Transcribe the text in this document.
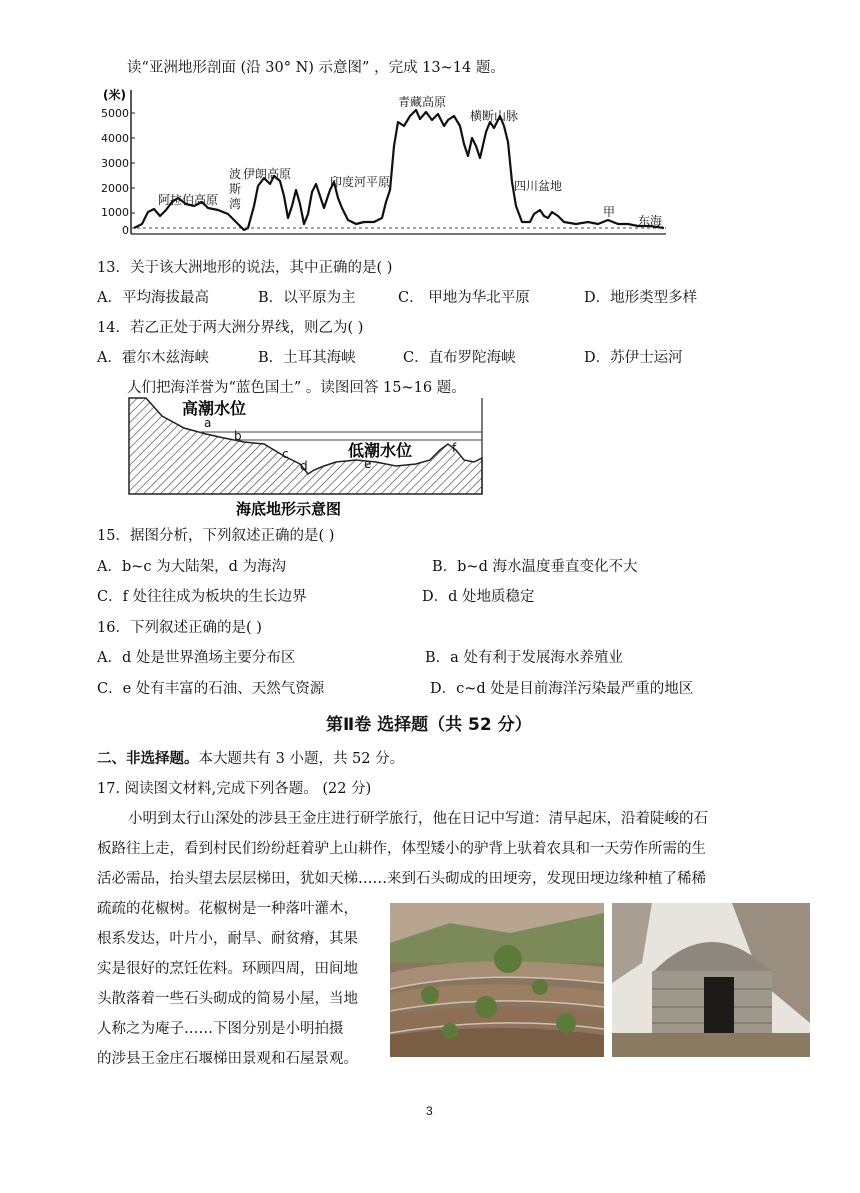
读“亚洲地形剖面 (沿 30° N) 示意图” ，完成 13~14 题。
(米)
5000
4000
3000
2000
1000
0
阿拉伯高原
波
斯
湾
伊朗高原
印度河平原
青藏高原
横断山脉
四川盆地
甲
东海
13．关于该大洲地形的说法，其中正确的是( )
A．平均海拔最高	B．以平原为主	C． 甲地为华北平原	D．地形类型多样
14．若乙正处于两大洲分界线，则乙为( )
A．霍尔木兹海峡	B．土耳其海峡	C．直布罗陀海峡	D．苏伊士运河
人们把海洋誉为“蓝色国土” 。读图回答 15~16 题。
高潮水位
低潮水位
a
b
c
d	e
f
海底地形示意图
15．据图分析，下列叙述正确的是( )
A．b~c 为大陆架，d 为海沟	B．b~d 海水温度垂直变化不大
C．f 处往往成为板块的生长边界	D．d 处地质稳定
16．下列叙述正确的是( )
A．d 处是世界渔场主要分布区	B．a 处有利于发展海水养殖业
C．e 处有丰富的石油、天然气资源	D．c~d 处是目前海洋污染最严重的地区
第Ⅱ卷 选择题（共 52 分）
二、非选择题。本大题共有 3 小题，共 52 分。
17. 阅读图文材料,完成下列各题。 (22 分)
小明到太行山深处的涉县王金庄进行研学旅行，他在日记中写道：清早起床，沿着陡峻的石
板路往上走，看到村民们纷纷赶着驴上山耕作，体型矮小的驴背上驮着农具和一天劳作所需的生
活必需品，抬头望去层层梯田，犹如天梯……来到石头砌成的田埂旁，发现田埂边缘种植了稀稀
疏疏的花椒树。花椒树是一种落叶灌木，
根系发达，叶片小，耐旱、耐贫瘠，其果
实是很好的烹饪佐料。环顾四周，田间地
头散落着一些石头砌成的简易小屋，当地
人称之为庵子……下图分别是小明拍摄
的涉县王金庄石堰梯田景观和石屋景观。
3
